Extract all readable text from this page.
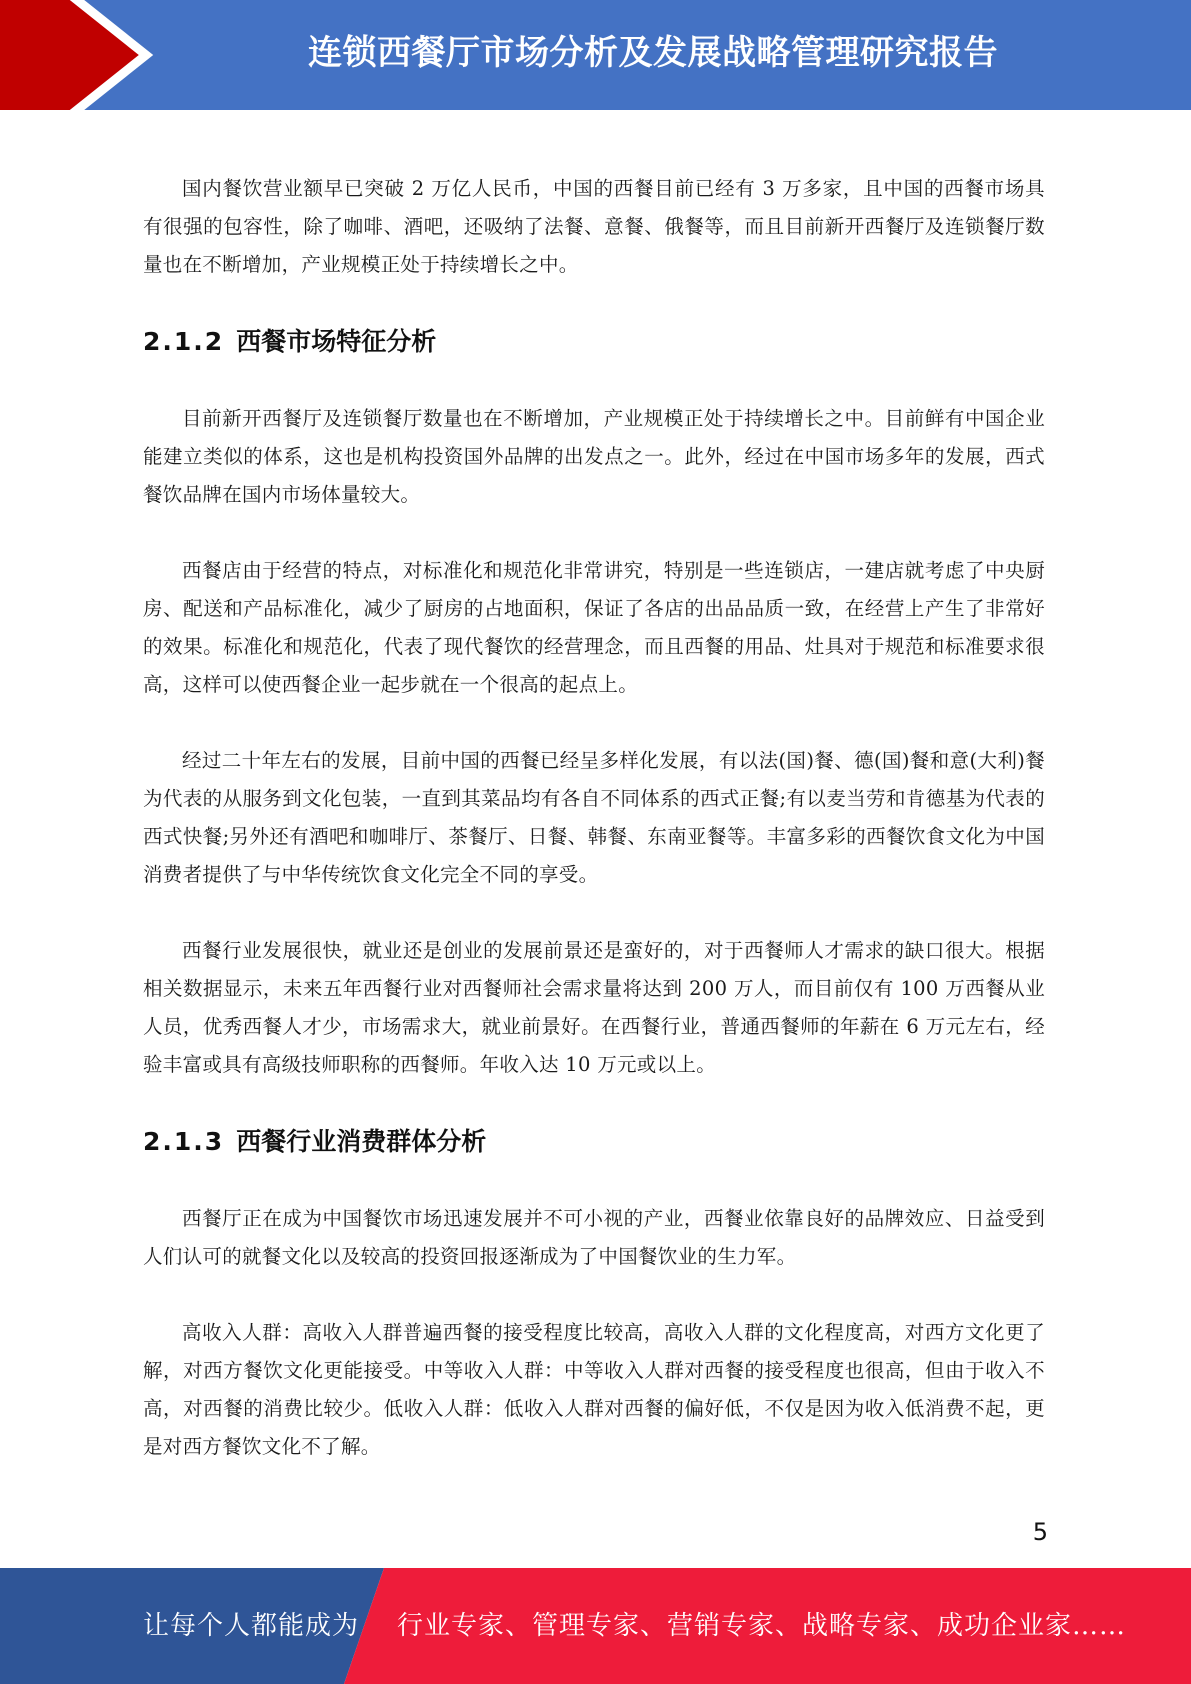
连锁西餐厅市场分析及发展战略管理研究报告

国内餐饮营业额早已突破 2 万亿人民币，中国的西餐目前已经有 3 万多家，且中国的西餐市场具有很强的包容性，除了咖啡、酒吧，还吸纳了法餐、意餐、俄餐等，而且目前新开西餐厅及连锁餐厅数量也在不断增加，产业规模正处于持续增长之中。

2.1.2 西餐市场特征分析

目前新开西餐厅及连锁餐厅数量也在不断增加，产业规模正处于持续增长之中。目前鲜有中国企业能建立类似的体系，这也是机构投资国外品牌的出发点之一。此外，经过在中国市场多年的发展，西式餐饮品牌在国内市场体量较大。

西餐店由于经营的特点，对标准化和规范化非常讲究，特别是一些连锁店，一建店就考虑了中央厨房、配送和产品标准化，减少了厨房的占地面积，保证了各店的出品品质一致，在经营上产生了非常好的效果。标准化和规范化，代表了现代餐饮的经营理念，而且西餐的用品、灶具对于规范和标准要求很高，这样可以使西餐企业一起步就在一个很高的起点上。

经过二十年左右的发展，目前中国的西餐已经呈多样化发展，有以法(国)餐、德(国)餐和意(大利)餐为代表的从服务到文化包装，一直到其菜品均有各自不同体系的西式正餐;有以麦当劳和肯德基为代表的西式快餐;另外还有酒吧和咖啡厅、茶餐厅、日餐、韩餐、东南亚餐等。丰富多彩的西餐饮食文化为中国消费者提供了与中华传统饮食文化完全不同的享受。

西餐行业发展很快，就业还是创业的发展前景还是蛮好的，对于西餐师人才需求的缺口很大。根据相关数据显示，未来五年西餐行业对西餐师社会需求量将达到 200 万人，而目前仅有 100 万西餐从业人员，优秀西餐人才少，市场需求大，就业前景好。在西餐行业，普通西餐师的年薪在 6 万元左右，经验丰富或具有高级技师职称的西餐师。年收入达 10 万元或以上。

2.1.3 西餐行业消费群体分析

西餐厅正在成为中国餐饮市场迅速发展并不可小视的产业，西餐业依靠良好的品牌效应、日益受到人们认可的就餐文化以及较高的投资回报逐渐成为了中国餐饮业的生力军。

高收入人群：高收入人群普遍西餐的接受程度比较高，高收入人群的文化程度高，对西方文化更了解，对西方餐饮文化更能接受。中等收入人群：中等收入人群对西餐的接受程度也很高，但由于收入不高，对西餐的消费比较少。低收入人群：低收入人群对西餐的偏好低，不仅是因为收入低消费不起，更是对西方餐饮文化不了解。

5
让每个人都能成为 行业专家、管理专家、营销专家、战略专家、成功企业家……
